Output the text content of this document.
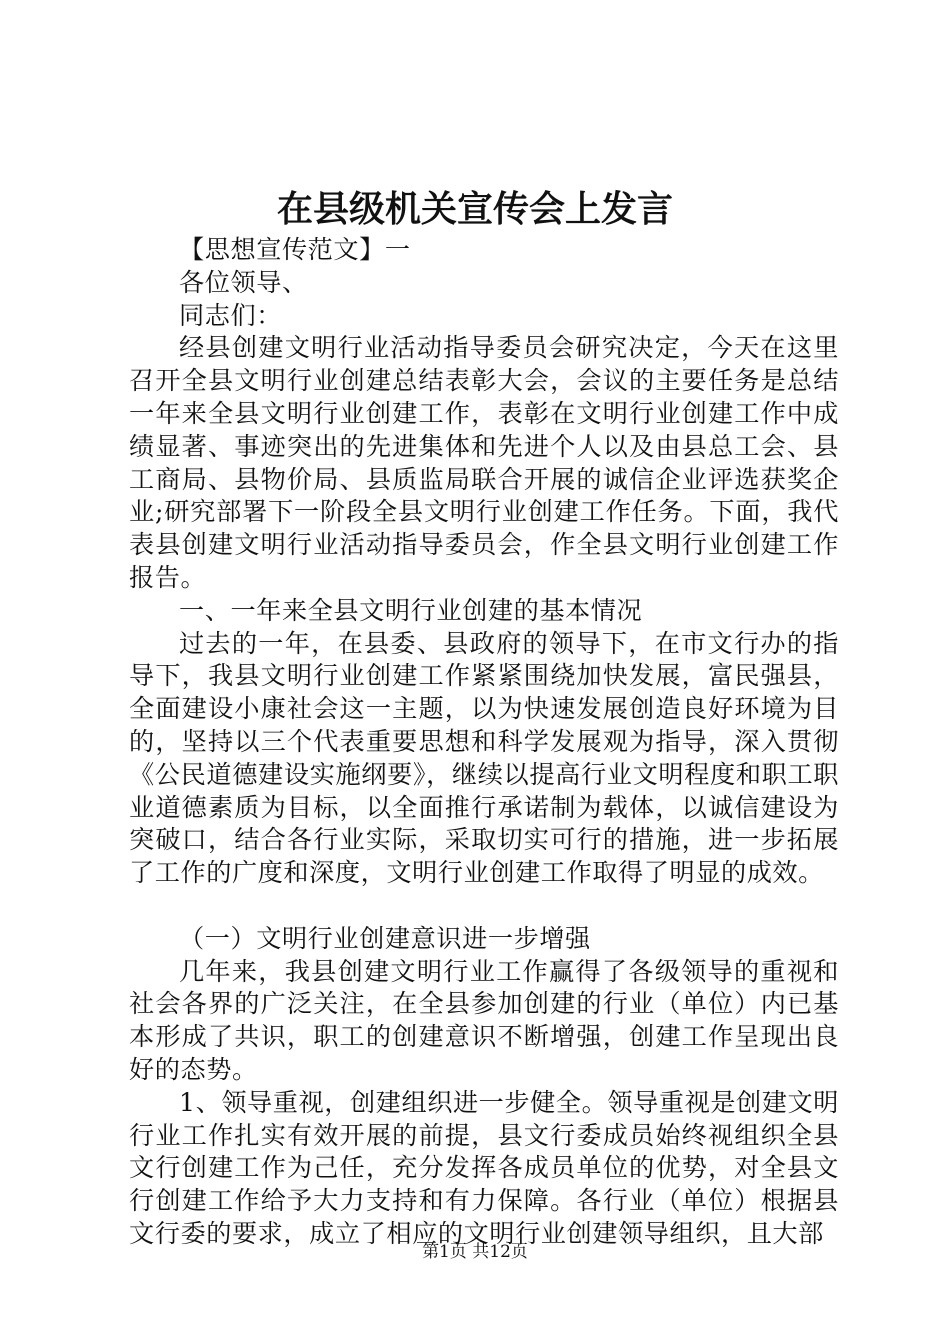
在县级机关宣传会上发言

【思想宣传范文】一

各位领导、

同志们：

经县创建文明行业活动指导委员会研究决定，今天在这里召开全县文明行业创建总结表彰大会，会议的主要任务是总结一年来全县文明行业创建工作，表彰在文明行业创建工作中成绩显著、事迹突出的先进集体和先进个人以及由县总工会、县工商局、县物价局、县质监局联合开展的诚信企业评选获奖企业;研究部署下一阶段全县文明行业创建工作任务。下面，我代表县创建文明行业活动指导委员会，作全县文明行业创建工作报告。

一、一年来全县文明行业创建的基本情况

过去的一年，在县委、县政府的领导下，在市文行办的指导下，我县文明行业创建工作紧紧围绕加快发展，富民强县，全面建设小康社会这一主题，以为快速发展创造良好环境为目的，坚持以三个代表重要思想和科学发展观为指导，深入贯彻《公民道德建设实施纲要》，继续以提高行业文明程度和职工职业道德素质为目标，以全面推行承诺制为载体，以诚信建设为突破口，结合各行业实际，采取切实可行的措施，进一步拓展了工作的广度和深度，文明行业创建工作取得了明显的成效。

（一）文明行业创建意识进一步增强

几年来，我县创建文明行业工作赢得了各级领导的重视和社会各界的广泛关注，在全县参加创建的行业（单位）内已基本形成了共识，职工的创建意识不断增强，创建工作呈现出良好的态势。

1、领导重视，创建组织进一步健全。领导重视是创建文明行业工作扎实有效开展的前提，县文行委成员始终视组织全县文行创建工作为己任，充分发挥各成员单位的优势，对全县文行创建工作给予大力支持和有力保障。各行业（单位）根据县文行委的要求，成立了相应的文明行业创建领导组织，且大部

第1页 共12页
